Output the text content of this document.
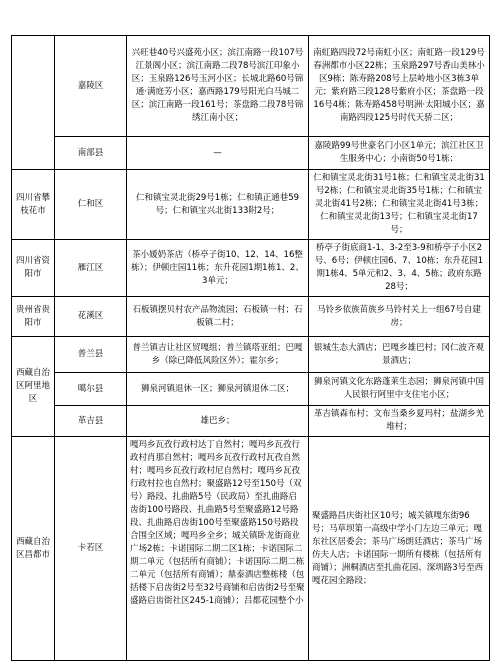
	嘉陵区	兴旺巷40号兴盛苑小区；滨江南路一段107号江景阁小区；滨江南路二段78号滨江印象小区；玉泉路126号玉河小区；长城北路60号锦通·满庭芳小区；嘉西路179号阳光白马城二区；滨江南路一段161号；茶盘路二段78号锦绣江南小区；	南虹路四段72号南虹小区；南虹路一段129号春洲都市小区22栋；玉泉路297号香山美林小区9栋；陈寿路208号上层岭地小区3栋3单元；紫府路三段128号紫府小区；茶盘路一段16号4栋；陈寿路458号明洲·太阳城小区；嘉南路四段125号时代天骄二区；
	南部县	—	嘉陵路99号世豪名门小区1单元；滨江社区卫生服务中心；小南街50号1栋；
四川省攀枝花市	仁和区	仁和镇宝灵北街29号1栋；仁和镇正通巷59号；仁和镇宝兴北街133附2号；	仁和镇宝灵北街31号1栋；仁和镇宝灵北街31号2栋；仁和镇宝灵北街35号1栋；仁和镇宝灵北街41号2栋；仁和镇宝灵北街41号3栋；仁和镇宝灵北街13号；仁和镇宝灵北街17号；
四川省资阳市	雁江区	茶小媛奶茶店（桥亭子街10、12、14、16整栋）；伊顿庄园11栋；东升花园1期1栋1、2、3单元；	桥亭子街底商1-1、3-2至3-9和桥亭子小区2号、6号；伊顿庄园6、7、10栋；东升花园1期1栋4、5单元和2、3、4、5栋；政府东路28号；
贵州省贵阳市	花溪区	石板镇摆贝村农产品物流园；石板镇一村；石板镇二村；	马铃乡依族苗族乡马铃村关上一组67号自建房；
西藏自治区阿里地区	普兰县	普兰镇吉让社区贸嘎组；普兰镇塔亚组；巴嘎乡（除已降低风险区外）；霍尔乡；	银城生态大酒店；巴嘎乡雄巴村；冈仁波齐观景酒店；
	噶尔县	狮泉河镇退休一区；狮泉河镇退休二区；	狮泉河镇文化东路蓬莱生态园；狮泉河镇中国人民银行阿里中支住宅小区；
	革吉县	雄巴乡；	革吉镇森布村；文布当桑乡夏玛村；盐湖乡羌堆村；
西藏自治区昌都市	卡若区	嘎玛乡瓦孜行政村达丁自然村；嘎玛乡瓦孜行政村肖那自然村；嘎玛乡瓦孜行政村瓦孜自然村；嘎玛乡瓦孜行政村尼自然村；嘎玛乡瓦孜行政村拉也自然村；聚盛路12号至150号（双号）路段、扎曲路5号（民政局）至扎曲路启齿街100号路段、扎曲路5号至聚盛路12号路段、扎曲路启齿街100号至聚盛路150号路段合围全区域；嘎玛乡全乡；城关镇卧龙街商业广场2栋；卡诺国际二期二区1栋；卡诺国际二期二单元（包括所有商铺）；卡诺国际二期二栋二单元（包括所有商铺）；鼎泰酒店整栋楼（包括楼下启齿街2号至32号商铺和启齿街2号至聚盛路启齿街社区245-1商铺）；吕都花园整个小	聚盛路昌庆街社区10号；城关镇嘎东街96号；马草坝第一高级中学小门左边三单元；嘎东社区居委会；茶马广场朗廷酒店；茶马广场仿夫人店；卡诺国际一期所有楼栋（包括所有商铺）；洲桐酒店至扎曲花园、深圳路3号至西嘎花园全路段；
